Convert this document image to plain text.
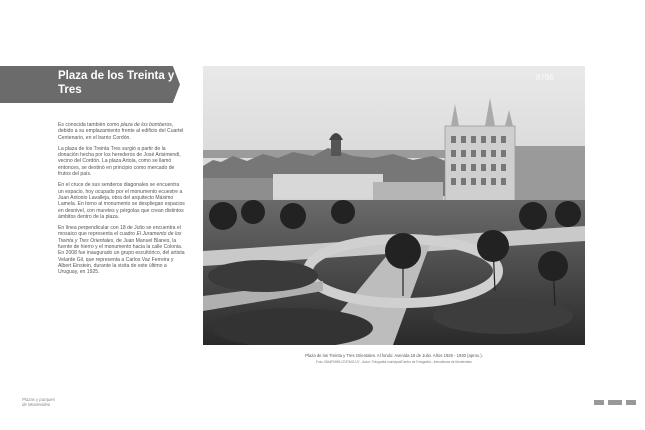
Plaza de los Treinta y Tres

Es conocida también como plaza de los bomberos, debido a su emplazamiento frente al edificio del Cuartel Centenario, en el barrio Cordón.

La plaza de los Treinta Tres surgió a partir de la donación hecha por los herederos de José Arisimendi, vecino del Cordón. La plaza Artola, como se llamó entonces, se destinó en principio como mercado de frutos del país.

En el cruce de sus senderos diagonales se encuentra un espacio, hoy ocupado por el monumento ecuestre a Juan Antonio Lavalleja, obra del arquitecto Máximo Lamela. En torno al monumento se despliegan espacios en desnivel, con muretes y pérgolas que crean distintos ámbitos dentro de la plaza.

En línea perpendicular con 18 de Julio se encuentra el mosaico que representa el cuadro El Juramento de los Treinta y Tres Orientales, de Juan Manuel Blanes, la fuente de hierro y el monumento hacia la calle Colonia. En 2008 fue inaugurado un grupo escultórico, del artista Velarde Gil, que representa a Carlos Vaz Ferreira y Albert Einstein, durante la visita de este último a Uruguay, en 1925.

8796
Plaza de los Treinta y Tres Orientales. Al fondo: Avenida 18 de Julio. Años 1925 - 1930 (aprox.).
Foto: 0844FMHB.CDF.IMG.UY - Autor: Fotografía municipal/Centro de Fotografía - Intendencia de Montevideo
Plazas y parques
de Montevideo
